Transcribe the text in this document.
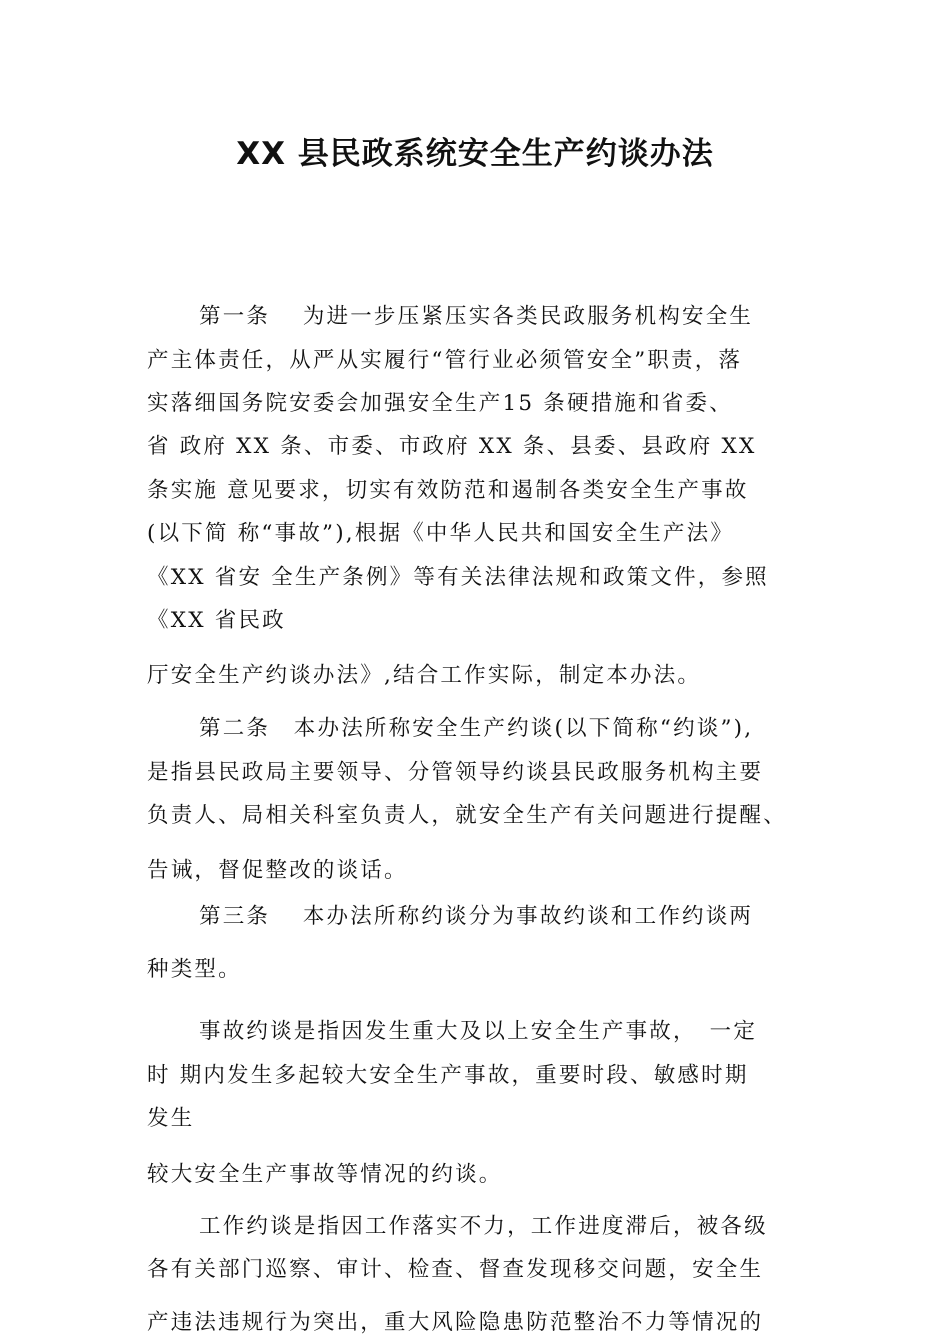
XX 县民政系统安全生产约谈办法
第一条　 为进一步压紧压实各类民政服务机构安全生
产主体责任，从严从实履行“管行业必须管安全”职责，落
实落细国务院安委会加强安全生产15 条硬措施和省委、
省 政府 XX 条、市委、市政府 XX 条、县委、县政府 XX
条实施 意见要求，切实有效防范和遏制各类安全生产事故
(以下简 称“事故”),根据《中华人民共和国安全生产法》
《XX 省安 全生产条例》等有关法律法规和政策文件，参照
《XX 省民政
厅安全生产约谈办法》,结合工作实际，制定本办法。
第二条　本办法所称安全生产约谈(以下简称“约谈”),
是指县民政局主要领导、分管领导约谈县民政服务机构主要
负责人、局相关科室负责人，就安全生产有关问题进行提醒、
告诫，督促整改的谈话。
第三条　 本办法所称约谈分为事故约谈和工作约谈两
种类型。
事故约谈是指因发生重大及以上安全生产事故，　一定
时 期内发生多起较大安全生产事故，重要时段、敏感时期
发生
较大安全生产事故等情况的约谈。
工作约谈是指因工作落实不力，工作进度滞后，被各级
各有关部门巡察、审计、检查、督查发现移交问题，安全生
产违法违规行为突出，重大风险隐患防范整治不力等情况的
